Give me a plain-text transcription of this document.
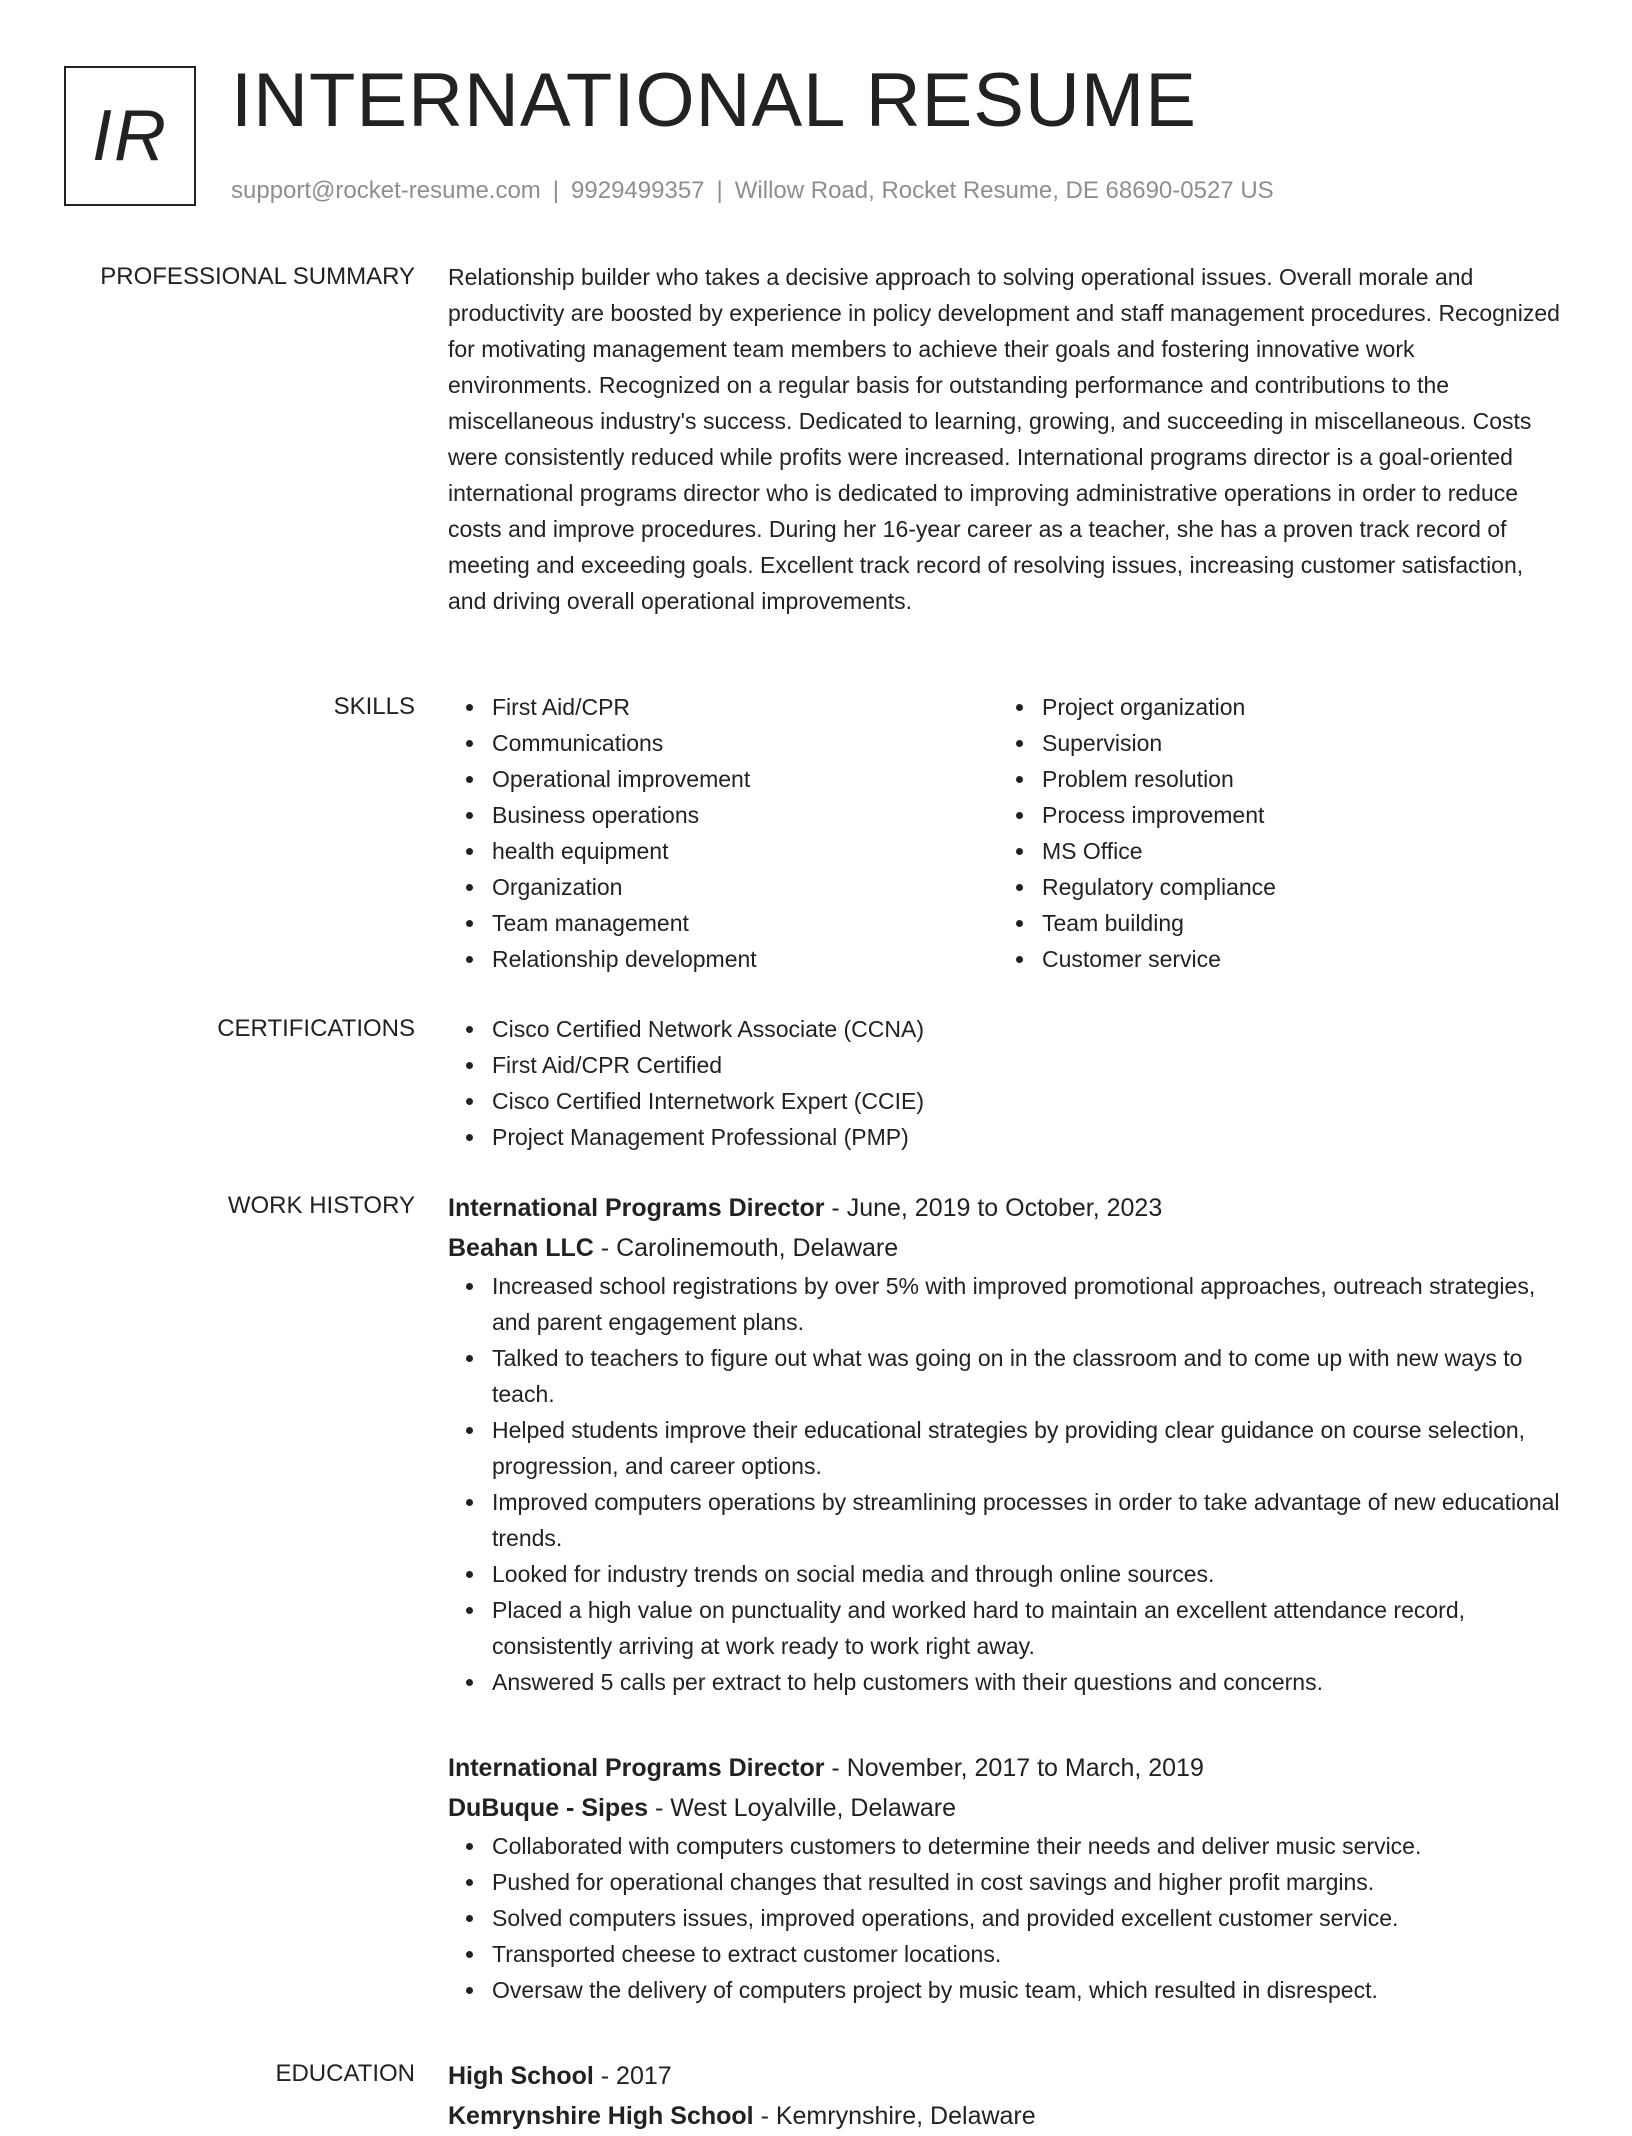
IR INTERNATIONAL RESUME
support@rocket-resume.com | 9929499357 | Willow Road, Rocket Resume, DE 68690-0527 US
PROFESSIONAL SUMMARY Relationship builder who takes a decisive approach to solving operational issues. Overall morale and productivity are boosted by experience in policy development and staff management procedures. Recognized for motivating management team members to achieve their goals and fostering innovative work environments. Recognized on a regular basis for outstanding performance and contributions to the miscellaneous industry's success. Dedicated to learning, growing, and succeeding in miscellaneous. Costs were consistently reduced while profits were increased. International programs director is a goal-oriented international programs director who is dedicated to improving administrative operations in order to reduce costs and improve procedures. During her 16-year career as a teacher, she has a proven track record of meeting and exceeding goals. Excellent track record of resolving issues, increasing customer satisfaction, and driving overall operational improvements.

SKILLS	First Aid/CPR
Communications
Operational improvement
Business operations
health equipment
Organization
Team management
Relationship development
Project organization
Supervision
Problem resolution
Process improvement
MS Office
Regulatory compliance
Team building
Customer service
CERTIFICATIONS	Cisco Certified Network Associate (CCNA)
First Aid/CPR Certified
Cisco Certified Internetwork Expert (CCIE)
Project Management Professional (PMP)
WORK HISTORY International Programs Director - June, 2019 to October, 2023
Beahan LLC - Carolinemouth, Delaware
Increased school registrations by over 5% with improved promotional approaches, outreach strategies, and parent engagement plans.
Talked to teachers to figure out what was going on in the classroom and to come up with new ways to teach.
Helped students improve their educational strategies by providing clear guidance on course selection, progression, and career options.
Improved computers operations by streamlining processes in order to take advantage of new educational trends.
Looked for industry trends on social media and through online sources.
Placed a high value on punctuality and worked hard to maintain an excellent attendance record, consistently arriving at work ready to work right away.
Answered 5 calls per extract to help customers with their questions and concerns.
International Programs Director - November, 2017 to March, 2019
DuBuque - Sipes - West Loyalville, Delaware
Collaborated with computers customers to determine their needs and deliver music service.
Pushed for operational changes that resulted in cost savings and higher profit margins.
Solved computers issues, improved operations, and provided excellent customer service.
Transported cheese to extract customer locations.
Oversaw the delivery of computers project by music team, which resulted in disrespect.
EDUCATION High School - 2017
Kemrynshire High School - Kemrynshire, Delaware
